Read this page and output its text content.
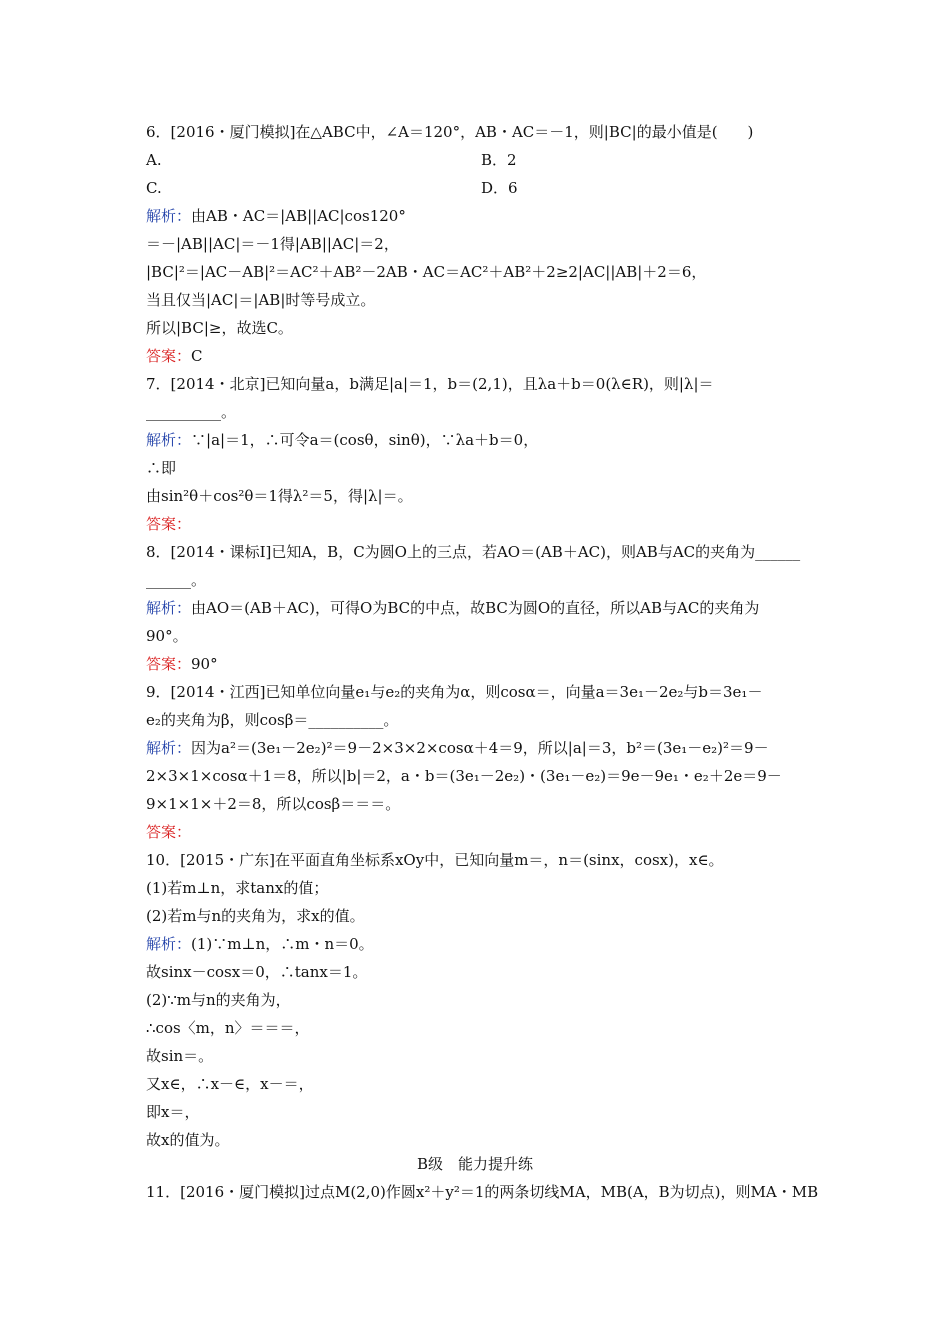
6．[2016・厦门模拟]在△ABC中，∠A＝120°，AB・AC＝－1，则|BC|的最小值是(　　)
A.	B．2
C.	D．6
解析：由AB・AC＝|AB||AC|cos120°
＝－|AB||AC|＝－1得|AB||AC|＝2，
|BC|²＝|AC－AB|²＝AC²＋AB²－2AB・AC＝AC²＋AB²＋2≥2|AC||AB|＋2＝6，
当且仅当|AC|＝|AB|时等号成立。
所以|BC|≥，故选C。
答案：C
7．[2014・北京]已知向量a，b满足|a|＝1，b＝(2,1)，且λa＋b＝0(λ∈R)，则|λ|＝
__________。
解析：∵|a|＝1，∴可令a＝(cosθ，sinθ)，∵λa＋b＝0，
∴即
由sin²θ＋cos²θ＝1得λ²＝5，得|λ|＝。
答案：
8．[2014・课标Ⅰ]已知A，B，C为圆O上的三点，若AO＝(AB＋AC)，则AB与AC的夹角为______
______。
解析：由AO＝(AB＋AC)，可得O为BC的中点，故BC为圆O的直径，所以AB与AC的夹角为
90°。
答案：90°
9．[2014・江西]已知单位向量e₁与e₂的夹角为α，则cosα＝，向量a＝3e₁－2e₂与b＝3e₁－
e₂的夹角为β，则cosβ＝__________。
解析：因为a²＝(3e₁－2e₂)²＝9－2×3×2×cosα＋4＝9，所以|a|＝3，b²＝(3e₁－e₂)²＝9－
2×3×1×cosα＋1＝8，所以|b|＝2，a・b＝(3e₁－2e₂)・(3e₁－e₂)＝9e－9e₁・e₂＋2e＝9－
9×1×1×＋2＝8，所以cosβ＝＝＝。
答案：
10．[2015・广东]在平面直角坐标系xOy中，已知向量m＝，n＝(sinx，cosx)，x∈。
(1)若m⊥n，求tanx的值；
(2)若m与n的夹角为，求x的值。
解析：(1)∵m⊥n，∴m・n＝0。
故sinx－cosx＝0，∴tanx＝1。
(2)∵m与n的夹角为，
∴cos〈m，n〉＝＝＝，
故sin＝。
又x∈，∴x－∈，x－＝，
即x＝，
故x的值为。
B级　能力提升练
11．[2016・厦门模拟]过点M(2,0)作圆x²＋y²＝1的两条切线MA，MB(A，B为切点)，则MA・MB
